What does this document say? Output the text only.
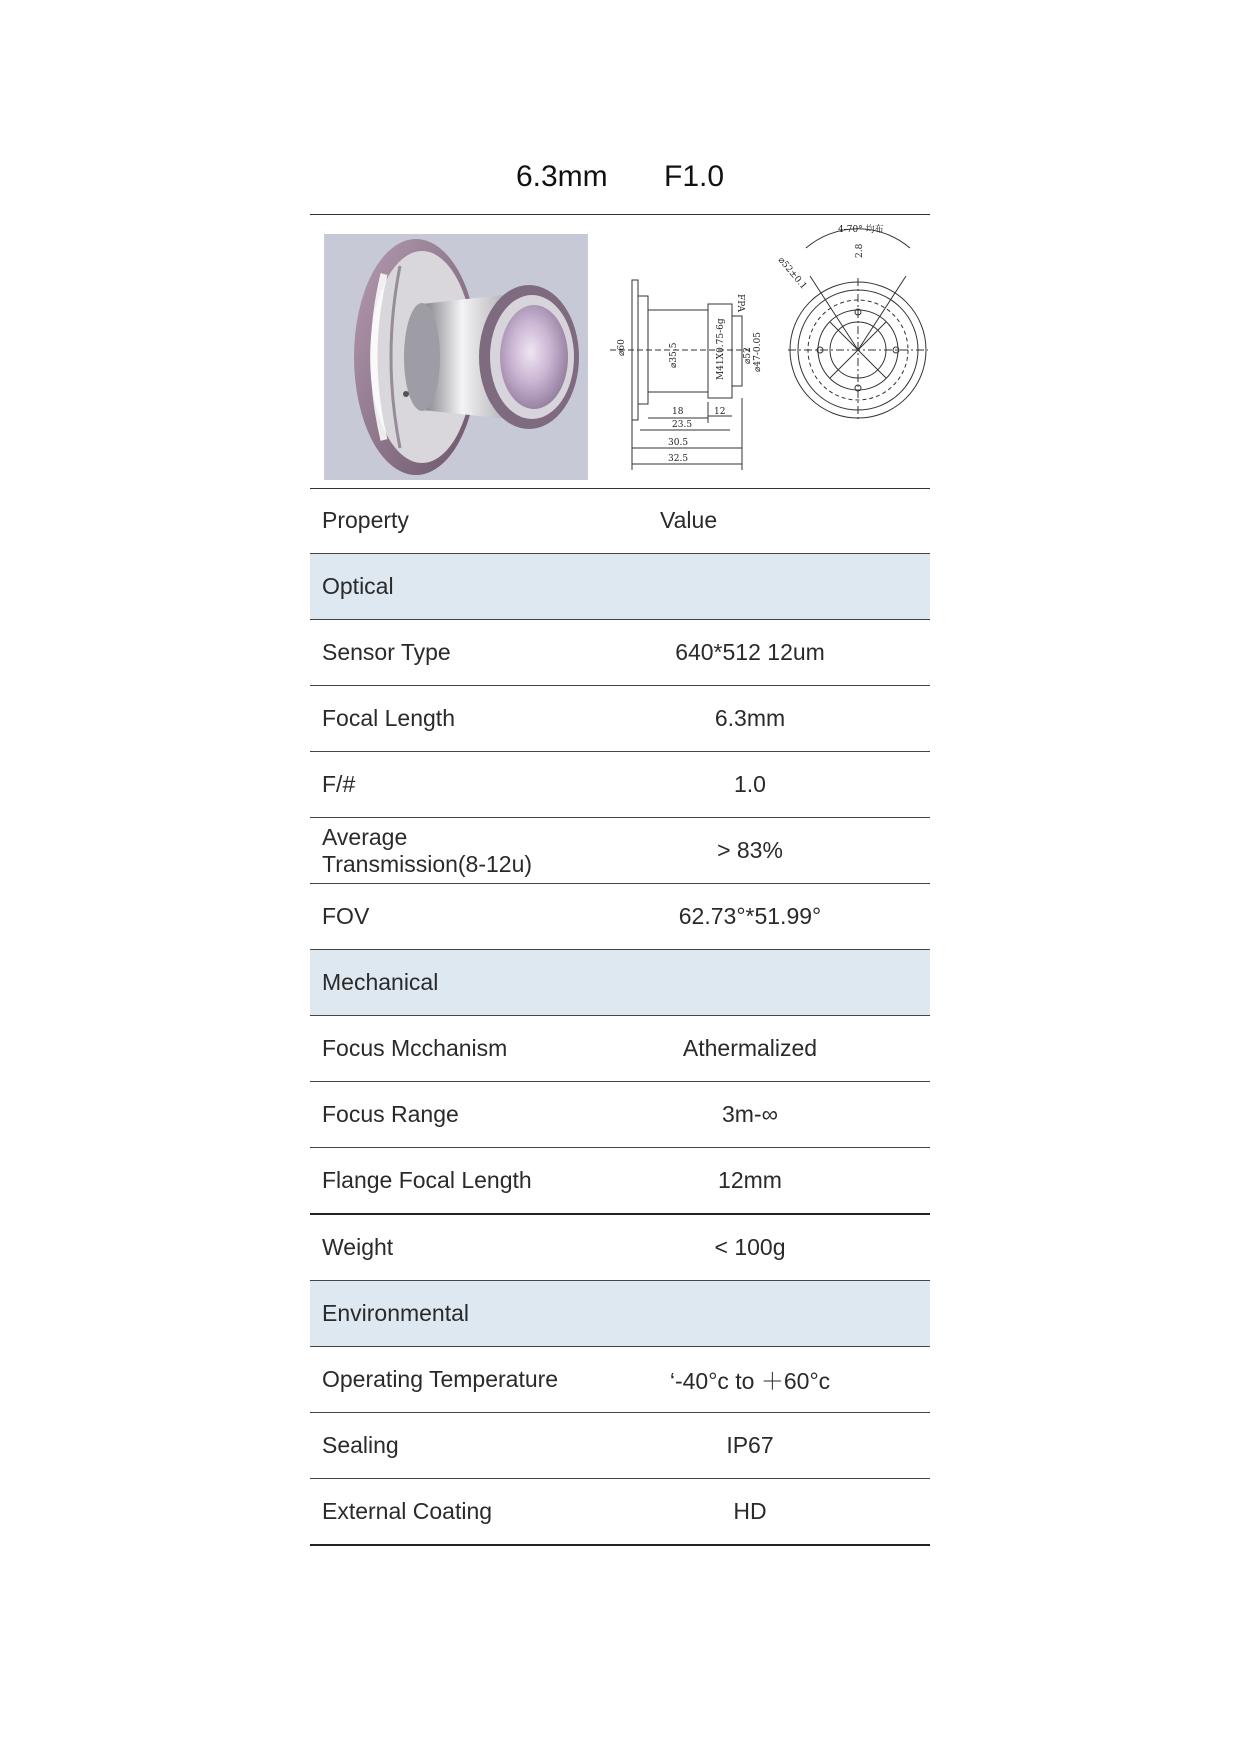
6.3mm F1.0
4-70° 均布
2.8
⌀52±0.1
⌀60	⌀35.5	M41X0.75-6g
FPA
⌀52 ⌀47-0.05
18
23.5
12
30.5
32.5
Property	Value
Optical	
Sensor Type	640*512 12um
Focal Length	6.3mm
F/#	1.0
Average Transmission(8-12u)	> 83%
FOV	62.73°*51.99°
Mechanical	
Focus Mcchanism	Athermalized
Focus Range	3m-∞
Flange Focal Length	12mm
Weight	< 100g
Environmental	
Operating Temperature	‘-40°c to ＋60°c
Sealing	IP67
External Coating	HD
